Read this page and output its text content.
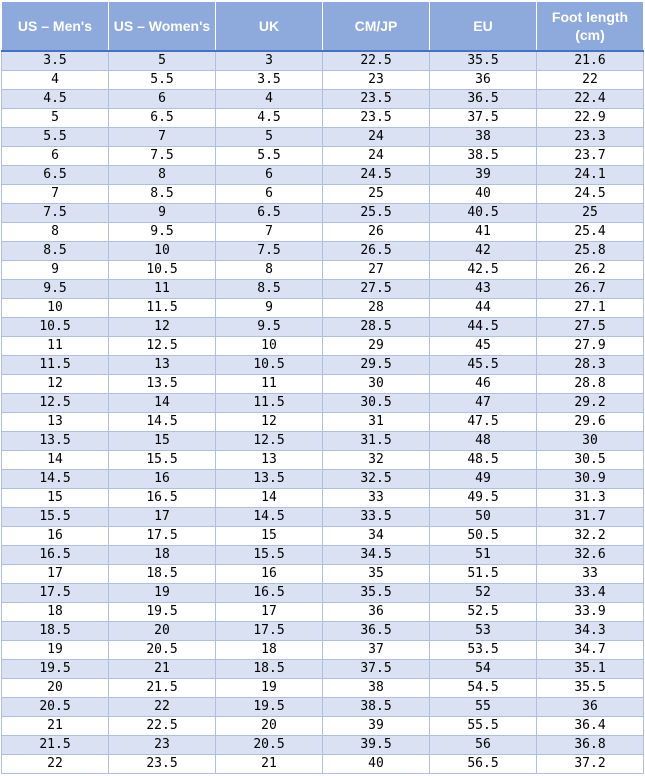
US – Men's	US – Women's	UK	CM/JP	EU	Foot length (cm)
3.5	5	3	22.5	35.5	21.6
4	5.5	3.5	23	36	22
4.5	6	4	23.5	36.5	22.4
5	6.5	4.5	23.5	37.5	22.9
5.5	7	5	24	38	23.3
6	7.5	5.5	24	38.5	23.7
6.5	8	6	24.5	39	24.1
7	8.5	6	25	40	24.5
7.5	9	6.5	25.5	40.5	25
8	9.5	7	26	41	25.4
8.5	10	7.5	26.5	42	25.8
9	10.5	8	27	42.5	26.2
9.5	11	8.5	27.5	43	26.7
10	11.5	9	28	44	27.1
10.5	12	9.5	28.5	44.5	27.5
11	12.5	10	29	45	27.9
11.5	13	10.5	29.5	45.5	28.3
12	13.5	11	30	46	28.8
12.5	14	11.5	30.5	47	29.2
13	14.5	12	31	47.5	29.6
13.5	15	12.5	31.5	48	30
14	15.5	13	32	48.5	30.5
14.5	16	13.5	32.5	49	30.9
15	16.5	14	33	49.5	31.3
15.5	17	14.5	33.5	50	31.7
16	17.5	15	34	50.5	32.2
16.5	18	15.5	34.5	51	32.6
17	18.5	16	35	51.5	33
17.5	19	16.5	35.5	52	33.4
18	19.5	17	36	52.5	33.9
18.5	20	17.5	36.5	53	34.3
19	20.5	18	37	53.5	34.7
19.5	21	18.5	37.5	54	35.1
20	21.5	19	38	54.5	35.5
20.5	22	19.5	38.5	55	36
21	22.5	20	39	55.5	36.4
21.5	23	20.5	39.5	56	36.8
22	23.5	21	40	56.5	37.2
